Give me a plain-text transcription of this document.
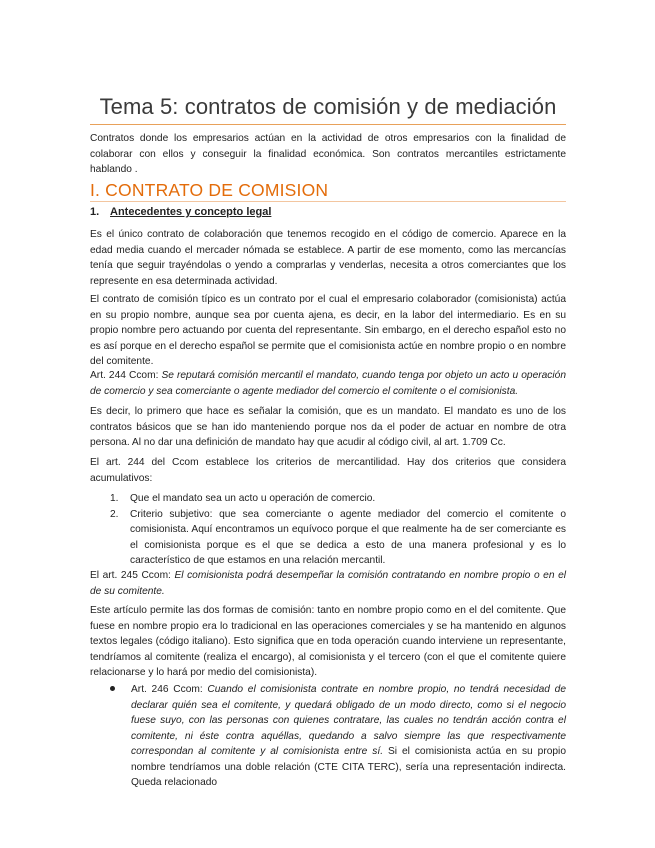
Tema 5: contratos de comisión y de mediación

Contratos donde los empresarios actúan en la actividad de otros empresarios con la finalidad de colaborar con ellos y conseguir la finalidad económica. Son contratos mercantiles estrictamente hablando .

I. CONTRATO DE COMISION
1. Antecedentes y concepto legal

Es el único contrato de colaboración que tenemos recogido en el código de comercio. Aparece en la edad media cuando el mercader nómada se establece. A partir de ese momento, como las mercancías tenía que seguir trayéndolas o yendo a comprarlas y venderlas, necesita a otros comerciantes que los represente en esa determinada actividad.

El contrato de comisión típico es un contrato por el cual el empresario colaborador (comisionista) actúa en su propio nombre, aunque sea por cuenta ajena, es decir, en la labor del intermediario. Es en su propio nombre pero actuando por cuenta del representante. Sin embargo, en el derecho español esto no es así porque en el derecho español se permite que el comisionista actúe en nombre propio o en nombre del comitente.

Art. 244 Ccom: Se reputará comisión mercantil el mandato, cuando tenga por objeto un acto u operación de comercio y sea comerciante o agente mediador del comercio el comitente o el comisionista.

Es decir, lo primero que hace es señalar la comisión, que es un mandato. El mandato es uno de los contratos básicos que se han ido manteniendo porque nos da el poder de actuar en nombre de otra persona. Al no dar una definición de mandato hay que acudir al código civil, al art. 1.709 Cc.

El art. 244 del Ccom establece los criterios de mercantilidad. Hay dos criterios que considera acumulativos:

1. Que el mandato sea un acto u operación de comercio.
2. Criterio subjetivo: que sea comerciante o agente mediador del comercio el comitente o comisionista. Aquí encontramos un equívoco porque el que realmente ha de ser comerciante es el comisionista porque es el que se dedica a esto de una manera profesional y es lo característico de que estamos en una relación mercantil.

El art. 245 Ccom: El comisionista podrá desempeñar la comisión contratando en nombre propio o en el de su comitente.

Este artículo permite las dos formas de comisión: tanto en nombre propio como en el del comitente. Que fuese en nombre propio era lo tradicional en las operaciones comerciales y se ha mantenido en algunos textos legales (código italiano). Esto significa que en toda operación cuando interviene un representante, tendríamos al comitente (realiza el encargo), al comisionista y el tercero (con el que el comitente quiere relacionarse y lo hará por medio del comisionista).

Art. 246 Ccom: Cuando el comisionista contrate en nombre propio, no tendrá necesidad de declarar quién sea el comitente, y quedará obligado de un modo directo, como si el negocio fuese suyo, con las personas con quienes contratare, las cuales no tendrán acción contra el comitente, ni éste contra aquéllas, quedando a salvo siempre las que respectivamente correspondan al comitente y al comisionista entre sí. Si el comisionista actúa en su propio nombre tendríamos una doble relación (CTE CITA TERC), sería una representación indirecta. Queda relacionado
